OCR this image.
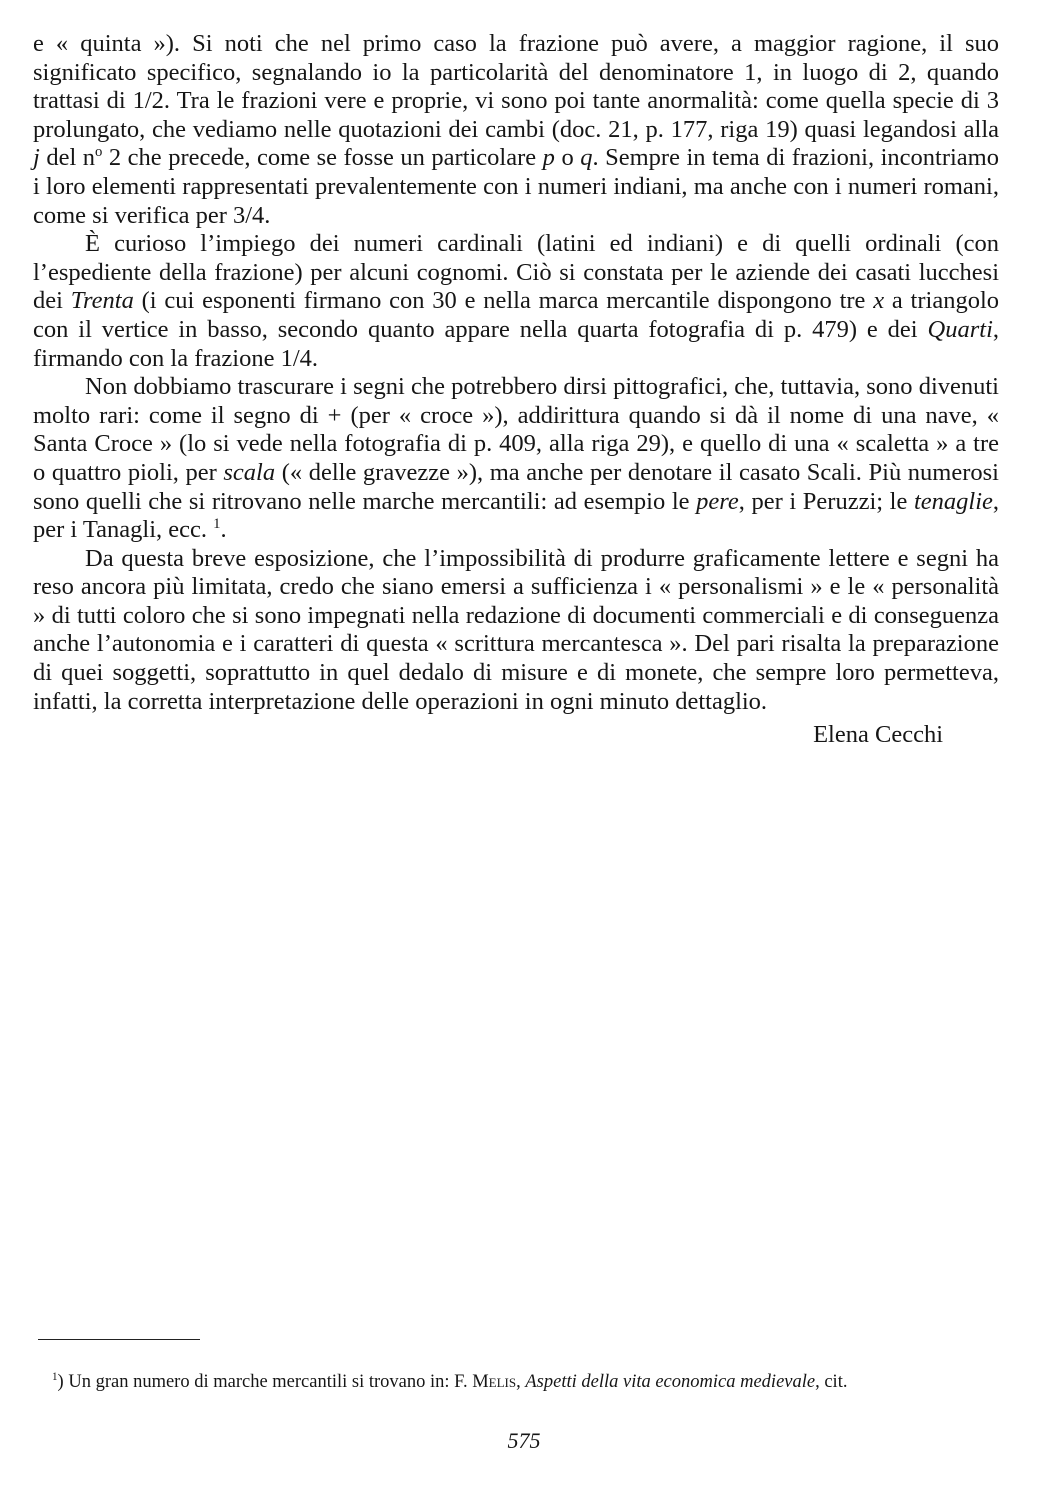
e « quinta »). Si noti che nel primo caso la frazione può avere, a maggior ragione, il suo significato specifico, segnalando io la particolarità del denominatore 1, in luogo di 2, quando trattasi di 1/2. Tra le frazioni vere e proprie, vi sono poi tante anormalità: come quella specie di 3 prolungato, che vediamo nelle quotazioni dei cambi (doc. 21, p. 177, riga 19) quasi legandosi alla j del $n^o$ 2 che precede, come se fosse un particolare p o q. Sempre in tema di frazioni, incontriamo i loro elementi rappresentati prevalentemente con i numeri indiani, ma anche con i numeri romani, come si verifica per 3/4.

È curioso l’impiego dei numeri cardinali (latini ed indiani) e di quelli ordinali (con l’espediente della frazione) per alcuni cognomi. Ciò si constata per le aziende dei casati lucchesi dei Trenta (i cui esponenti firmano con 30 e nella marca mercantile dispongono tre x a triangolo con il vertice in basso, secondo quanto appare nella quarta fotografia di p. 479) e dei Quarti, firmando con la frazione 1/4.

Non dobbiamo trascurare i segni che potrebbero dirsi pittografici, che, tuttavia, sono divenuti molto rari: come il segno di + (per « croce »), addirittura quando si dà il nome di una nave, « Santa Croce » (lo si vede nella fotografia di p. 409, alla riga 29), e quello di una « scaletta » a tre o quattro pioli, per scala (« delle gravezze »), ma anche per denotare il casato Scali. Più numerosi sono quelli che si ritrovano nelle marche mercantili: ad esempio le pere, per i Peruzzi; le tenaglie, per i Tanagli, ecc. $^1$.

Da questa breve esposizione, che l’impossibilità di produrre graficamente lettere e segni ha reso ancora più limitata, credo che siano emersi a sufficienza i « personalismi » e le « personalità » di tutti coloro che si sono impegnati nella redazione di documenti commerciali e di conseguenza anche l’autonomia e i caratteri di questa « scrittura mercantesca ». Del pari risalta la preparazione di quei soggetti, soprattutto in quel dedalo di misure e di monete, che sempre loro permetteva, infatti, la corretta interpretazione delle operazioni in ogni minuto dettaglio.

Elena Cecchi
$^1$) Un gran numero di marche mercantili si trovano in: F. Melis, Aspetti della vita economica medievale, cit.
575
